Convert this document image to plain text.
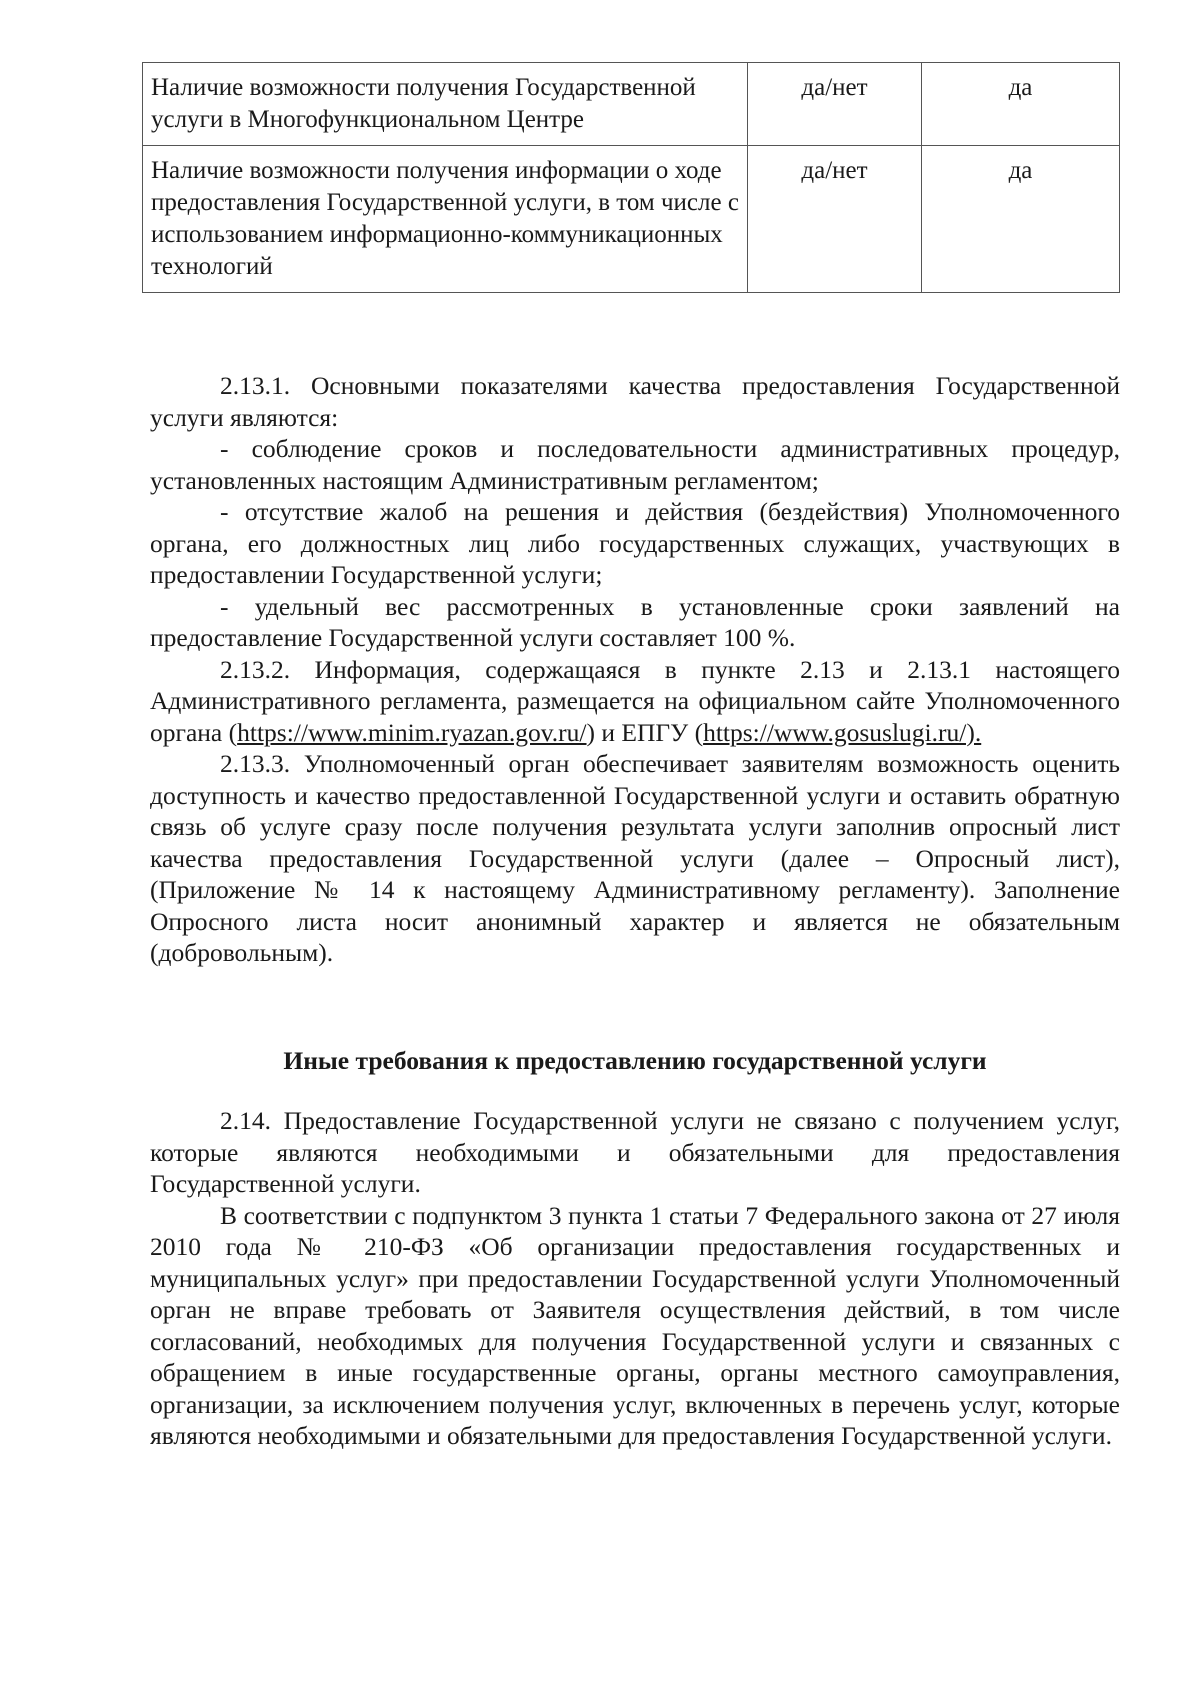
Наличие возможности получения Государственной услуги в Многофункциональном Центре	да/нет	да
Наличие возможности получения информации о ходе предоставления Государственной услуги, в том числе с использованием информационно-коммуникационных технологий	да/нет	да

2.13.1. Основными показателями качества предоставления Государственной услуги являются:

- соблюдение сроков и последовательности административных процедур, установленных настоящим Административным регламентом;

- отсутствие жалоб на решения и действия (бездействия) Уполномоченного органа, его должностных лиц либо государственных служащих, участвующих в предоставлении Государственной услуги;

- удельный вес рассмотренных в установленные сроки заявлений на предоставление Государственной услуги составляет 100 %.

2.13.2. Информация, содержащаяся в пункте 2.13 и 2.13.1 настоящего Административного регламента, размещается на официальном сайте Уполномоченного органа (https://www.minim.ryazan.gov.ru/) и ЕПГУ (https://www.gosuslugi.ru/).

2.13.3. Уполномоченный орган обеспечивает заявителям возможность оценить доступность и качество предоставленной Государственной услуги и оставить обратную связь об услуге сразу после получения результата услуги заполнив опросный лист качества предоставления Государственной услуги (далее – Опросный лист), (Приложение № 14 к настоящему Административному регламенту). Заполнение Опросного листа носит анонимный характер и является не обязательным (добровольным).

Иные требования к предоставлению государственной услуги

2.14. Предоставление Государственной услуги не связано с получением услуг, которые являются необходимыми и обязательными для предоставления Государственной услуги.

В соответствии с подпунктом 3 пункта 1 статьи 7 Федерального закона от 27 июля 2010 года № 210-ФЗ «Об организации предоставления государственных и муниципальных услуг» при предоставлении Государственной услуги Уполномоченный орган не вправе требовать от Заявителя осуществления действий, в том числе согласований, необходимых для получения Государственной услуги и связанных с обращением в иные государственные органы, органы местного самоуправления, организации, за исключением получения услуг, включенных в перечень услуг, которые являются необходимыми и обязательными для предоставления Государственной услуги.
